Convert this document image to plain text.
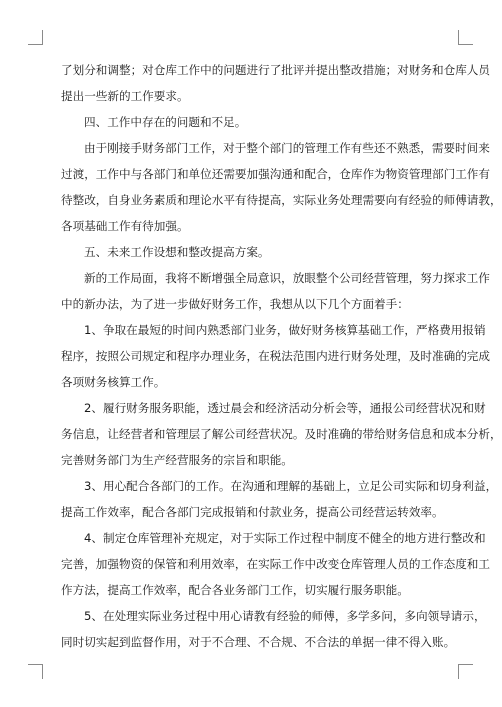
了划分和调整；对仓库工作中的问题进行了批评并提出整改措施；对财务和仓库人员
提出一些新的工作要求。
四、工作中存在的问题和不足。
由于刚接手财务部门工作，对于整个部门的管理工作有些还不熟悉，需要时间来
过渡，工作中与各部门和单位还需要加强沟通和配合，仓库作为物资管理部门工作有
待整改，自身业务素质和理论水平有待提高，实际业务处理需要向有经验的师傅请教，
各项基础工作有待加强。
五、未来工作设想和整改提高方案。
新的工作局面，我将不断增强全局意识，放眼整个公司经营管理，努力探求工作
中的新办法，为了进一步做好财务工作，我想从以下几个方面着手：
1、争取在最短的时间内熟悉部门业务，做好财务核算基础工作，严格费用报销
程序，按照公司规定和程序办理业务，在税法范围内进行财务处理，及时准确的完成
各项财务核算工作。
2、履行财务服务职能，透过晨会和经济活动分析会等，通报公司经营状况和财
务信息，让经营者和管理层了解公司经营状况。及时准确的带给财务信息和成本分析，
完善财务部门为生产经营服务的宗旨和职能。
3、用心配合各部门的工作。在沟通和理解的基础上，立足公司实际和切身利益，
提高工作效率，配合各部门完成报销和付款业务，提高公司经营运转效率。
4、制定仓库管理补充规定，对于实际工作过程中制度不健全的地方进行整改和
完善，加强物资的保管和利用效率，在实际工作中改变仓库管理人员的工作态度和工
作方法，提高工作效率，配合各业务部门工作，切实履行服务职能。
5、在处理实际业务过程中用心请教有经验的师傅，多学多问，多向领导请示，
同时切实起到监督作用，对于不合理、不合规、不合法的单据一律不得入账。
